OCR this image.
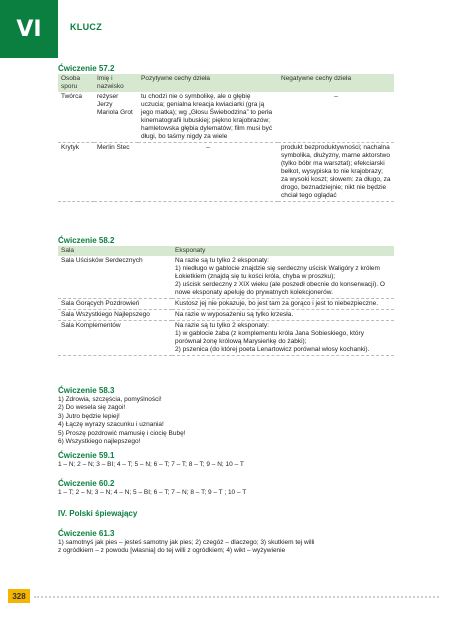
VI	KLUCZ
Ćwiczenie 57.2
Osoba sporu	Imię i nazwisko	Pozytywne cechy dzieła	Negatywne cechy dzieła
Twórca	reżyser Jerzy Mariola Grot	tu chodzi nie o symbolikę, ale o głębię uczucia; genialna kreacja kwiaciarki (gra ją jego matka); wg „Głosu Świebodzina” to perła kinematografii lubuskiej; piękno krajobrazów; hamletowska głębia dylematów; film musi być długi, bo taśmy nigdy za wiele	–
Krytyk	Merlin Stec	–	produkt bezproduktywności; nachalna symbolika, dłużyzny, marne aktorstwo (tylko bóbr ma warsztat); efekciarski bełkot, wysypiska to nie krajobrazy; za wysoki koszt; słowem: za długo, za drogo, beznadziejnie; nikt nie będzie chciał tego oglądać
Ćwiczenie 58.2
Sala	Eksponaty
Sala Uścisków Serdecznych	Na razie są tu tylko 2 eksponaty:
1) niedługo w gablocie znajdzie się serdeczny uścisk Waligóry z królem Łokietkiem (znajdą się tu kości króla, chyba w proszku);
2) uścisk serdeczny z XIX wieku (ale poszedł obecnie do konserwacji). O nowe eksponaty apeluję do prywatnych kolekcjonerów.

Sala Gorących Pozdrowień	Kustosz jej nie pokazuje, bo jest tam za gorąco i jest to niebezpieczne.

Sala Wszystkiego Najlepszego	Na razie w wyposażeniu są tylko krzesła.

Sala Komplementów	Na razie są tu tylko 2 eksponaty:
1) w gablocie żaba (z komplementu króla Jana Sobieskiego, który porównał żonę królową Marysieńkę do żabki);
2) pszenica (do której poeta Lenartowicz porównał włosy kochanki).
Ćwiczenie 58.3
1) Zdrowia, szczęścia, pomyślności!
2) Do wesela się zagoi!
3) Jutro będzie lepiej!
4) Łączę wyrazy szacunku i uznania!
5) Proszę pozdrowić mamusię i ciocię Bubę!
6) Wszystkiego najlepszego!
Ćwiczenie 59.1
1 – N; 2 – N; 3 – BI; 4 – T; 5 – N; 6 – T; 7 – T; 8 – T; 9 – N; 10 – T
Ćwiczenie 60.2
1 – T; 2 – N; 3 – N; 4 – N; 5 – BI; 6 – T; 7 – N; 8 – T; 9 – T ; 10 – T
IV. Polski śpiewający
Ćwiczenie 61.3
1) samotnyś jak pies – jesteś samotny jak pies; 2) czegóż – dlaczego; 3) skutkiem tej willi
z ogródkiem – z powodu [własnia] do tej willi z ogródkiem; 4) wikt – wyżywienie
328
